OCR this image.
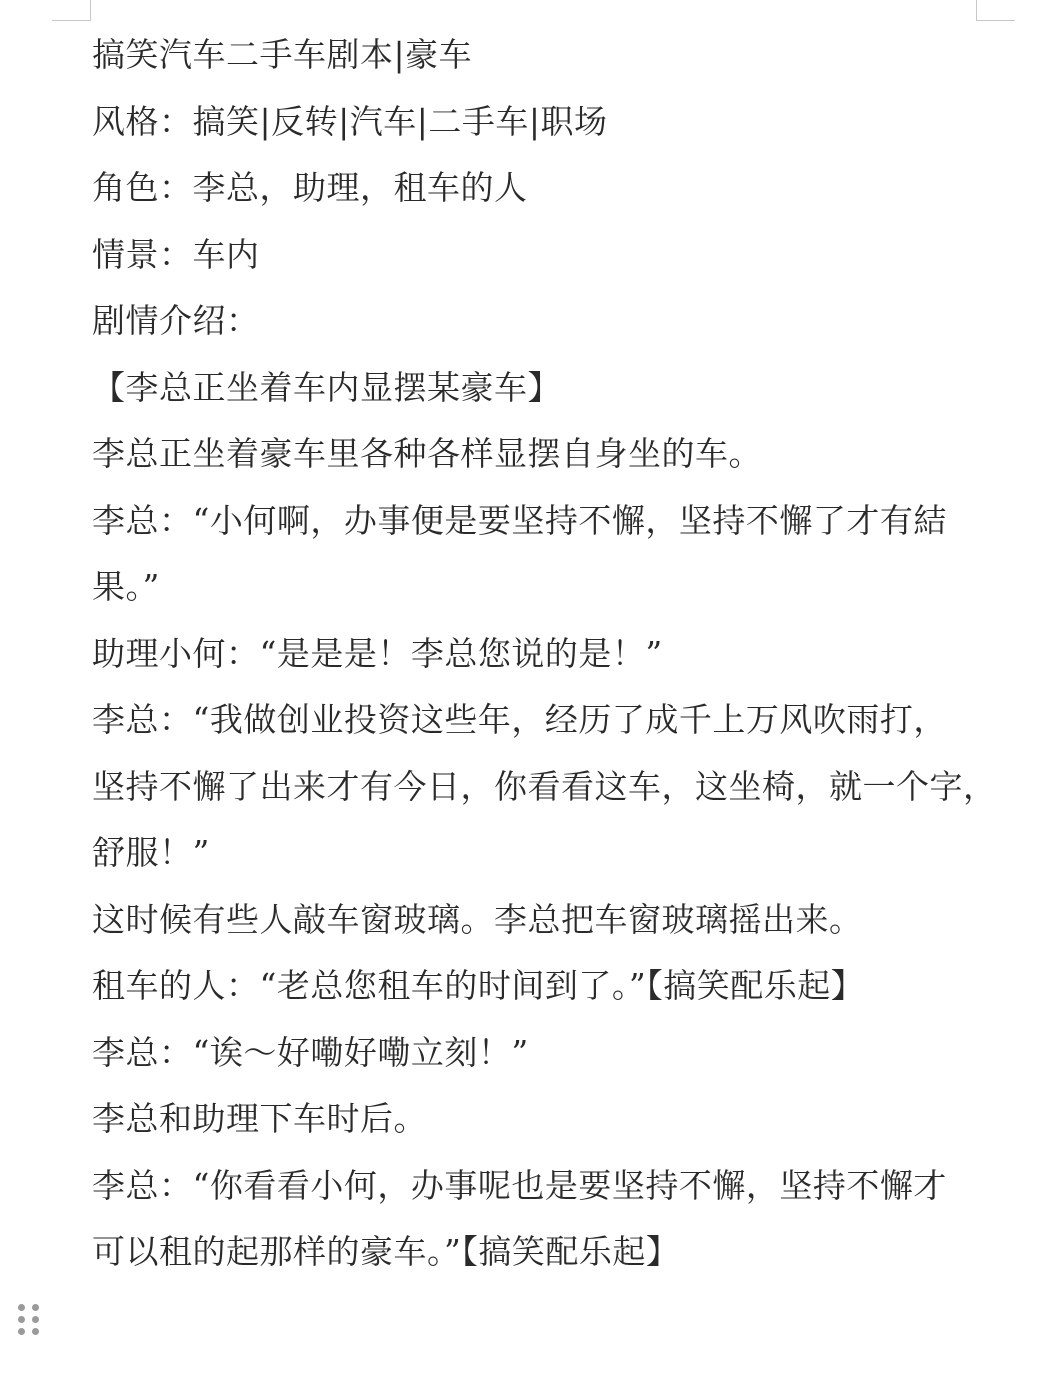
搞笑汽车二手车剧本|豪车
风格：搞笑|反转|汽车|二手车|职场
角色：李总，助理，租车的人
情景：车内
剧情介绍：
【李总正坐着车内显摆某豪车】
李总正坐着豪车里各种各样显摆自身坐的车。
李总：“小何啊，办事便是要坚持不懈，坚持不懈了才有結
果。”
助理小何：“是是是！李总您说的是！”
李总：“我做创业投资这些年，经历了成千上万风吹雨打，
坚持不懈了出来才有今日，你看看这车，这坐椅，就一个字，
舒服！”
这时候有些人敲车窗玻璃。李总把车窗玻璃摇出来。
租车的人：“老总您租车的时间到了。”【搞笑配乐起】
李总：“诶～好嘞好嘞立刻！”
李总和助理下车时后。
李总：“你看看小何，办事呢也是要坚持不懈，坚持不懈才
可以租的起那样的豪车。”【搞笑配乐起】
